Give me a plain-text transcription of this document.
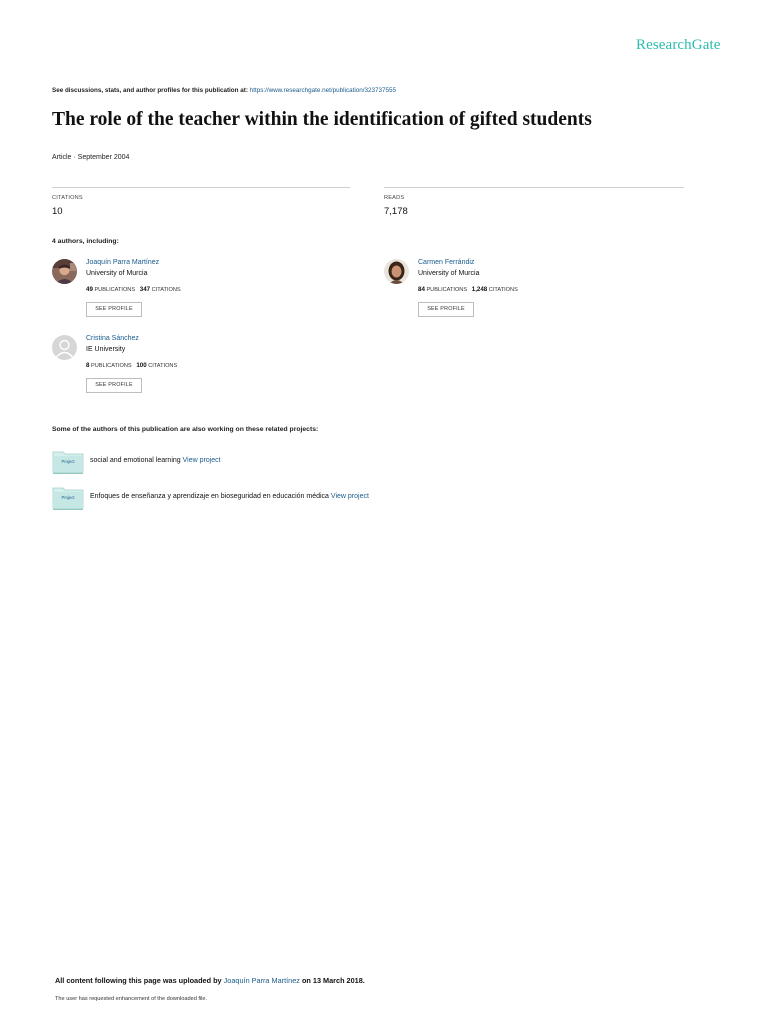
ResearchGate
See discussions, stats, and author profiles for this publication at: https://www.researchgate.net/publication/323737555
The role of the teacher within the identification of gifted students
Article · September 2004
CITATIONS
10
READS
7,178
4 authors, including:
Joaquín Parra Martínez
University of Murcia
49 PUBLICATIONS 347 CITATIONS
SEE PROFILE
Carmen Ferrándiz
University of Murcia
84 PUBLICATIONS 1,248 CITATIONS
SEE PROFILE
Cristina Sánchez
IE University
8 PUBLICATIONS 100 CITATIONS
SEE PROFILE
Some of the authors of this publication are also working on these related projects:
Project	social and emotional learning View project
Project	Enfoques de enseñanza y aprendizaje en bioseguridad en educación médica View project
All content following this page was uploaded by Joaquín Parra Martínez on 13 March 2018.
The user has requested enhancement of the downloaded file.
